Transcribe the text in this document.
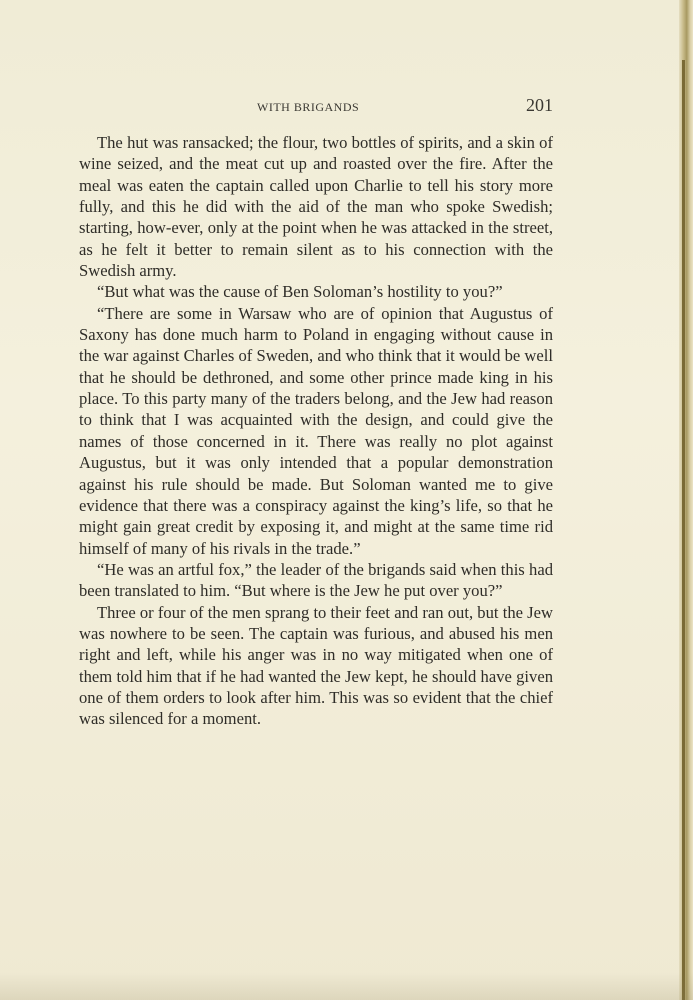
WITH BRIGANDS	201

The hut was ransacked; the flour, two bottles of spirits, and a skin of wine seized, and the meat cut up and roasted over the fire. After the meal was eaten the captain called upon Charlie to tell his story more fully, and this he did with the aid of the man who spoke Swedish; starting, how-ever, only at the point when he was attacked in the street, as he felt it better to remain silent as to his connection with the Swedish army.

“But what was the cause of Ben Soloman’s hostility to you?”

“There are some in Warsaw who are of opinion that Augustus of Saxony has done much harm to Poland in engaging without cause in the war against Charles of Sweden, and who think that it would be well that he should be dethroned, and some other prince made king in his place. To this party many of the traders belong, and the Jew had reason to think that I was acquainted with the design, and could give the names of those concerned in it. There was really no plot against Augustus, but it was only intended that a popular demonstration against his rule should be made. But Soloman wanted me to give evidence that there was a conspiracy against the king’s life, so that he might gain great credit by exposing it, and might at the same time rid himself of many of his rivals in the trade.”

“He was an artful fox,” the leader of the brigands said when this had been translated to him. “But where is the Jew he put over you?”

Three or four of the men sprang to their feet and ran out, but the Jew was nowhere to be seen. The captain was furious, and abused his men right and left, while his anger was in no way mitigated when one of them told him that if he had wanted the Jew kept, he should have given one of them orders to look after him. This was so evident that the chief was silenced for a moment.
